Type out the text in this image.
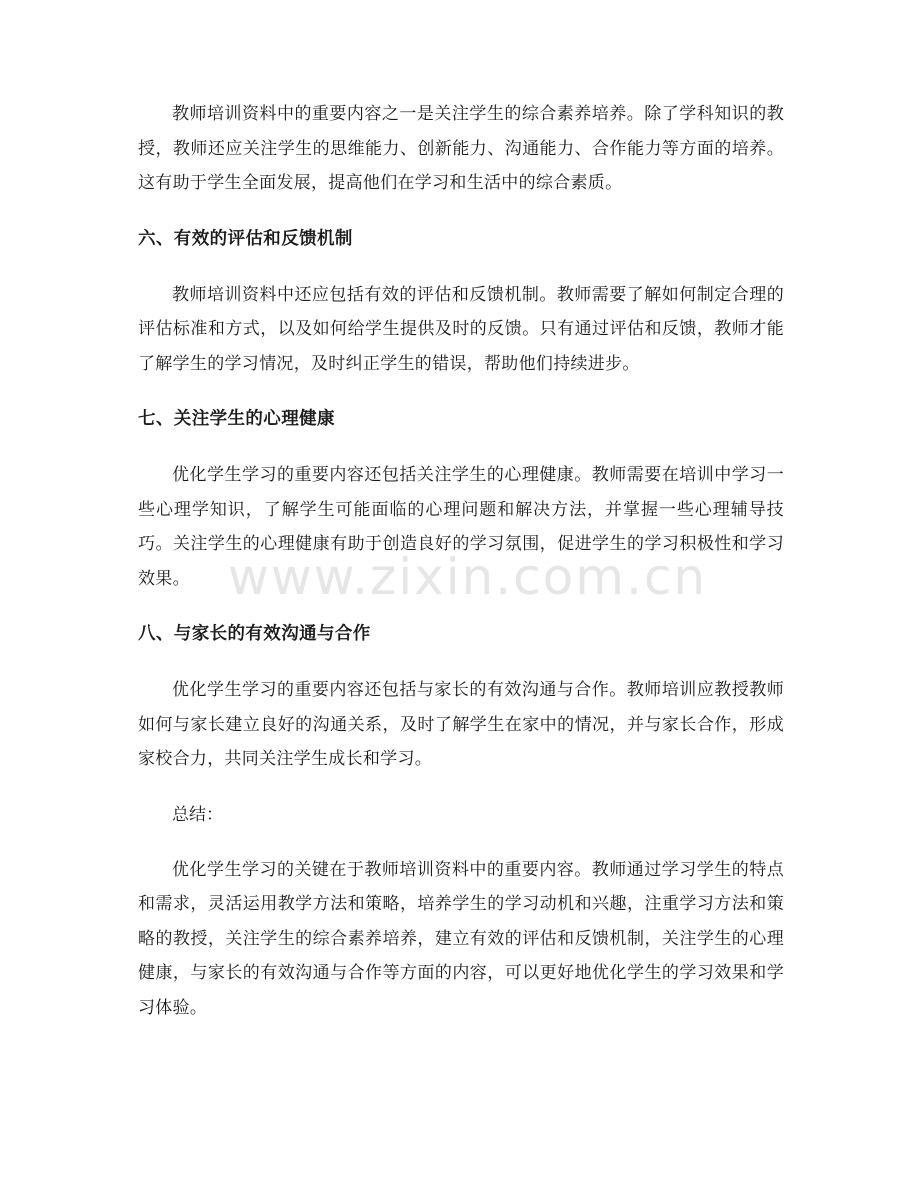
教师培训资料中的重要内容之一是关注学生的综合素养培养。除了学科知识的教授，教师还应关注学生的思维能力、创新能力、沟通能力、合作能力等方面的培养。这有助于学生全面发展，提高他们在学习和生活中的综合素质。

六、有效的评估和反馈机制

教师培训资料中还应包括有效的评估和反馈机制。教师需要了解如何制定合理的评估标准和方式，以及如何给学生提供及时的反馈。只有通过评估和反馈，教师才能了解学生的学习情况，及时纠正学生的错误，帮助他们持续进步。

七、关注学生的心理健康

优化学生学习的重要内容还包括关注学生的心理健康。教师需要在培训中学习一些心理学知识，了解学生可能面临的心理问题和解决方法，并掌握一些心理辅导技巧。关注学生的心理健康有助于创造良好的学习氛围，促进学生的学习积极性和学习效果。

八、与家长的有效沟通与合作

优化学生学习的重要内容还包括与家长的有效沟通与合作。教师培训应教授教师如何与家长建立良好的沟通关系，及时了解学生在家中的情况，并与家长合作，形成家校合力，共同关注学生成长和学习。

总结：

优化学生学习的关键在于教师培训资料中的重要内容。教师通过学习学生的特点和需求，灵活运用教学方法和策略，培养学生的学习动机和兴趣，注重学习方法和策略的教授，关注学生的综合素养培养，建立有效的评估和反馈机制，关注学生的心理健康，与家长的有效沟通与合作等方面的内容，可以更好地优化学生的学习效果和学习体验。

www.zixin.com.cn
